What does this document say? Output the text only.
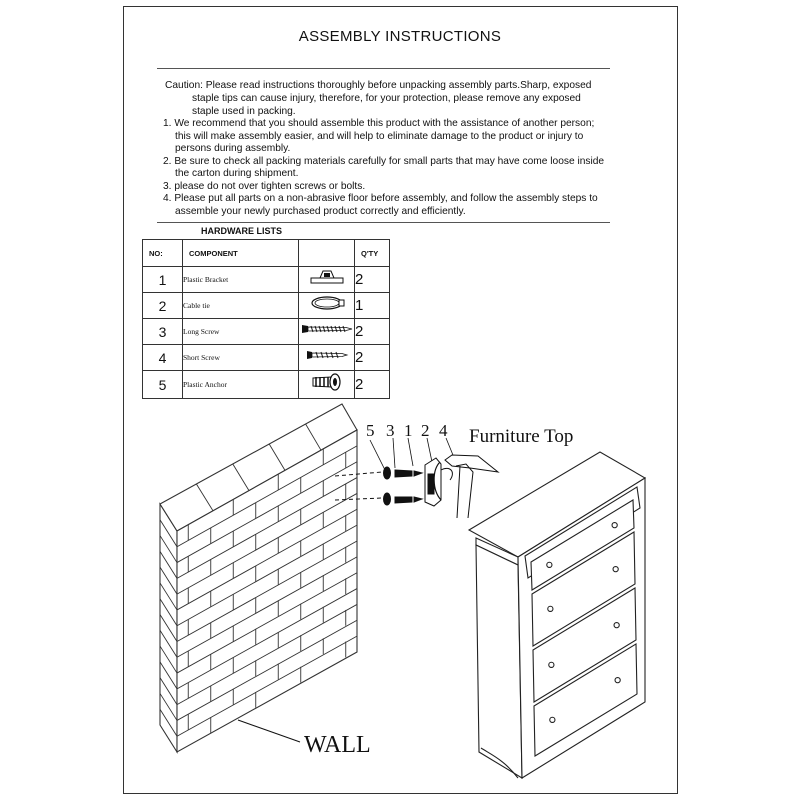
ASSEMBLY INSTRUCTIONS
Caution: Please read instructions thoroughly before unpacking assembly parts.Sharp, exposed
staple tips can cause injury, therefore, for your protection, please remove any exposed
staple used in packing.
1. We recommend that you should assemble this product with the assistance of another person;
this will make assembly easier, and will help to eliminate damage to the product or injury to
persons during assembly.
2. Be sure to check all packing materials carefully for small parts that may have come loose inside
the carton during shipment.
3. please do not over tighten screws or bolts.
4. Please put all parts on a non-abrasive floor before assembly, and follow the assembly steps to
assemble your newly purchased product correctly and efficiently.
HARDWARE LISTS
NO:	COMPONENT		Q'TY
1	Plastic Bracket		2
2	Cable tie		1
3	Long Screw		2
4	Short Screw		2
5	Plastic Anchor		2
5 3 1 2 4 Furniture Top
WALL
